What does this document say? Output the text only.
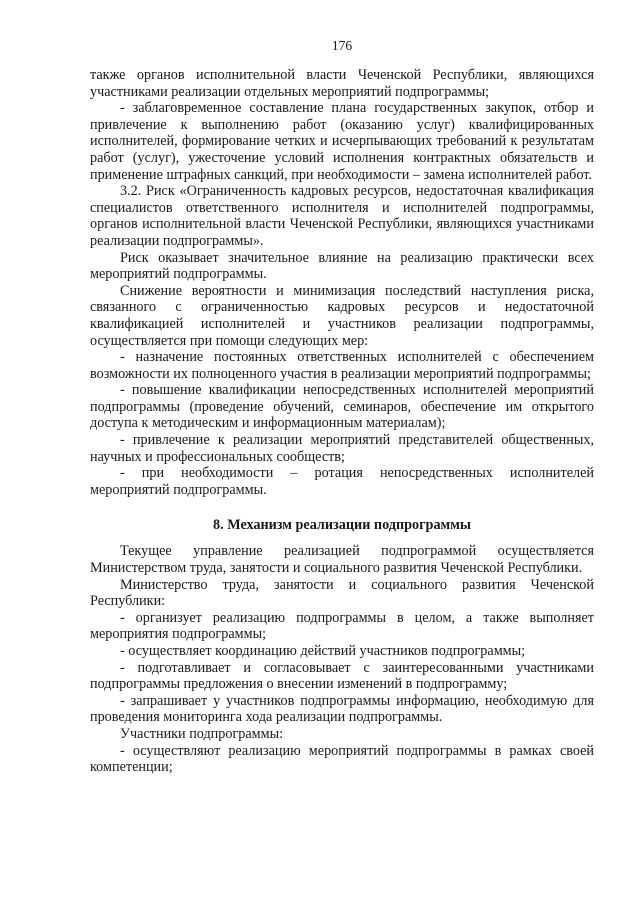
176

также органов исполнительной власти Чеченской Республики, являющихся участниками реализации отдельных мероприятий подпрограммы;

- заблаговременное составление плана государственных закупок, отбор и привлечение к выполнению работ (оказанию услуг) квалифицированных исполнителей, формирование четких и исчерпывающих требований к результатам работ (услуг), ужесточение условий исполнения контрактных обязательств и применение штрафных санкций, при необходимости – замена исполнителей работ.

3.2. Риск «Ограниченность кадровых ресурсов, недостаточная квалификация специалистов ответственного исполнителя и исполнителей подпрограммы, органов исполнительной власти Чеченской Республики, являющихся участниками реализации подпрограммы».

Риск оказывает значительное влияние на реализацию практически всех мероприятий подпрограммы.

Снижение вероятности и минимизация последствий наступления риска, связанного с ограниченностью кадровых ресурсов и недостаточной квалификацией исполнителей и участников реализации подпрограммы, осуществляется при помощи следующих мер:

- назначение постоянных ответственных исполнителей с обеспечением возможности их полноценного участия в реализации мероприятий подпрограммы;

- повышение квалификации непосредственных исполнителей мероприятий подпрограммы (проведение обучений, семинаров, обеспечение им открытого доступа к методическим и информационным материалам);

- привлечение к реализации мероприятий представителей общественных, научных и профессиональных сообществ;

- при необходимости – ротация непосредственных исполнителей мероприятий подпрограммы.

8. Механизм реализации подпрограммы

Текущее управление реализацией подпрограммой осуществляется Министерством труда, занятости и социального развития Чеченской Республики.

Министерство труда, занятости и социального развития Чеченской Республики:

- организует реализацию подпрограммы в целом, а также выполняет мероприятия подпрограммы;

- осуществляет координацию действий участников подпрограммы;

- подготавливает и согласовывает с заинтересованными участниками подпрограммы предложения о внесении изменений в подпрограмму;

- запрашивает у участников подпрограммы информацию, необходимую для проведения мониторинга хода реализации подпрограммы.

Участники подпрограммы:

- осуществляют реализацию мероприятий подпрограммы в рамках своей компетенции;
